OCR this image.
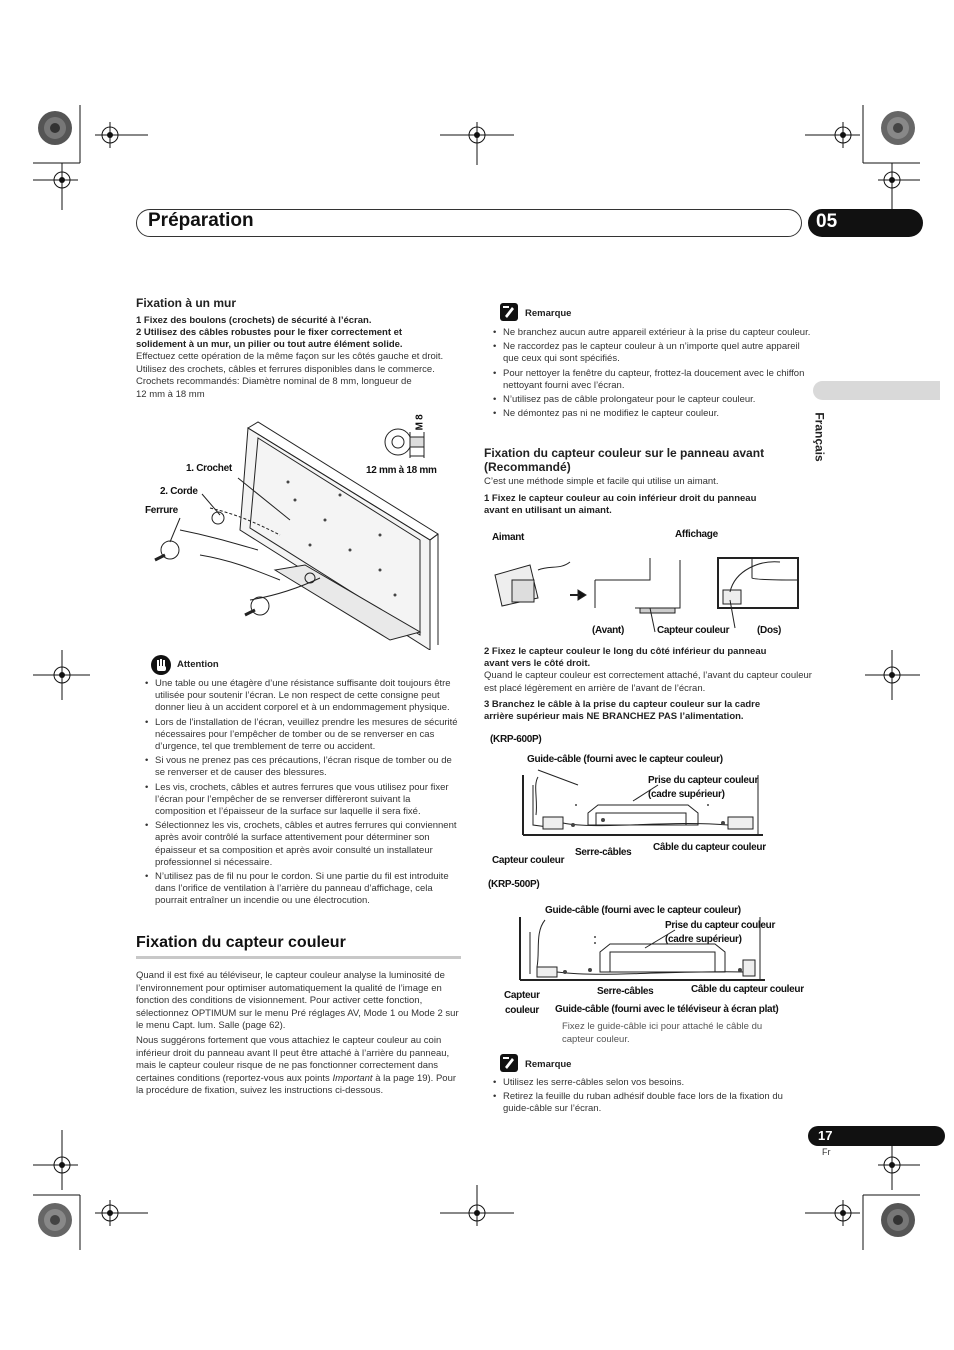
Préparation	05
Français
Fixation à un mur
1 Fixez des boulons (crochets) de sécurité à l’écran.
2 Utilisez des câbles robustes pour le fixer correctement et
solidement à un mur, un pilier ou tout autre élément solide.
Effectuez cette opération de la même façon sur les côtés gauche et droit.
Utilisez des crochets, câbles et ferrures disponibles dans le commerce.
Crochets recommandés: Diamètre nominal de 8 mm, longueur de
12 mm à 18 mm
1. Crochet
2. Corde
Ferrure
12 mm à 18 mm
M 8
Attention
• Une table ou une étagère d’une résistance suffisante doit toujours être utilisée pour soutenir l’écran. Le non respect de cette consigne peut donner lieu à un accident corporel et à un endommagement physique.
• Lors de l’installation de l’écran, veuillez prendre les mesures de sécurité nécessaires pour l’empêcher de tomber ou de se renverser en cas d’urgence, tel que tremblement de terre ou accident.
• Si vous ne prenez pas ces précautions, l’écran risque de tomber ou de se renverser et de causer des blessures.
• Les vis, crochets, câbles et autres ferrures que vous utilisez pour fixer l’écran pour l’empêcher de se renverser diffèreront suivant la composition et l’épaisseur de la surface sur laquelle il sera fixé.
• Sélectionnez les vis, crochets, câbles et autres ferrures qui conviennent après avoir contrôlé la surface attentivement pour déterminer son épaisseur et sa composition et après avoir consulté un installateur professionnel si nécessaire.
• N’utilisez pas de fil nu pour le cordon. Si une partie du fil est introduite dans l’orifice de ventilation à l’arrière du panneau d’affichage, cela pourrait entraîner un incendie ou une électrocution.
Fixation du capteur couleur
Quand il est fixé au téléviseur, le capteur couleur analyse la luminosité de l’environnement pour optimiser automatiquement la qualité de l’image en fonction des conditions de visionnement. Pour activer cette fonction, sélectionnez OPTIMUM sur le menu Pré réglages AV, Mode 1 ou Mode 2 sur le menu Capt. lum. Salle (page 62).
Nous suggérons fortement que vous attachiez le capteur couleur au coin inférieur droit du panneau avant Il peut être attaché à l’arrière du panneau, mais le capteur couleur risque de ne pas fonctionner correctement dans certaines conditions (reportez-vous aux points Important à la page 19). Pour la procédure de fixation, suivez les instructions ci-dessous.
Remarque
• Ne branchez aucun autre appareil extérieur à la prise du capteur couleur.
• Ne raccordez pas le capteur couleur à un n’importe quel autre appareil que ceux qui sont spécifiés.
• Pour nettoyer la fenêtre du capteur, frottez-la doucement avec le chiffon nettoyant fourni avec l’écran.
• N’utilisez pas de câble prolongateur pour le capteur couleur.
• Ne démontez pas ni ne modifiez le capteur couleur.
Fixation du capteur couleur sur le panneau avant
(Recommandé)
C’est une méthode simple et facile qui utilise un aimant.
1 Fixez le capteur couleur au coin inférieur droit du panneau
avant en utilisant un aimant.
Aimant	Affichage
(Avant)	Capteur couleur	(Dos)
2 Fixez le capteur couleur le long du côté inférieur du panneau
avant vers le côté droit.
Quand le capteur couleur est correctement attaché, l’avant du capteur couleur est placé légèrement en arrière de l’avant de l’écran.
3 Branchez le câble à la prise du capteur couleur sur la cadre
arrière supérieur mais NE BRANCHEZ PAS l’alimentation.
(KRP-600P)
Guide-câble (fourni avec le capteur couleur)
Prise du capteur couleur
(cadre supérieur)
Capteur couleur
Serre-câbles Câble du capteur couleur
(KRP-500P)
Guide-câble (fourni avec le capteur couleur)
Prise du capteur couleur
(cadre supérieur)
Capteur
couleur
Serre-câbles	Câble du capteur couleur
Guide-câble (fourni avec le téléviseur à écran plat)
Fixez le guide-câble ici pour attaché le câble du
capteur couleur.
Remarque
• Utilisez les serre-câbles selon vos besoins.
• Retirez la feuille du ruban adhésif double face lors de la fixation du guide-câble sur l’écran.
17
Fr
